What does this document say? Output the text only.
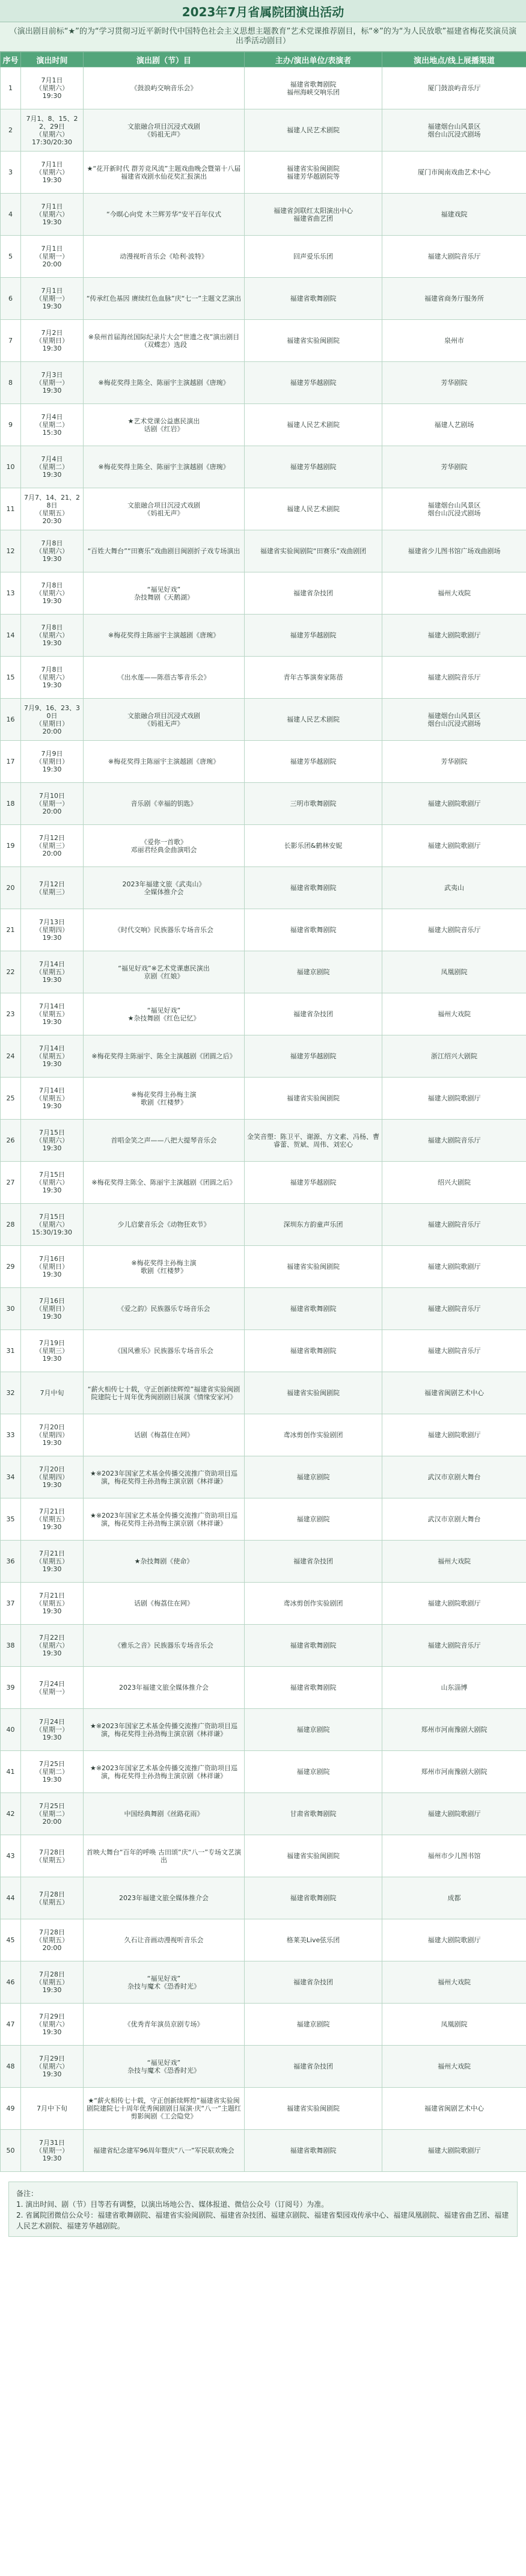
2023年7月省属院团演出活动
（演出剧目前标“★”的为“学习贯彻习近平新时代中国特色社会主义思想主题教育”艺术党课推荐剧目，标“※”的为“为人民放歌”福建省梅花奖演员演出季活动剧目）
序号	演出时间	演出剧（节）目	主办/演出单位/表演者	演出地点/线上展播渠道
1	7月1日
（星期六）
19:30	《鼓浪屿交响音乐会》	福建省歌舞剧院
福州海峡交响乐团	厦门鼓浪屿音乐厅
2	7月1、8、15、22、29日
（星期六）
17:30/20:30	文旅融合项目沉浸式戏剧
《妈祖无声》	福建人民艺术剧院	福建烟台山风景区
烟台山沉浸式剧场
3	7月1日
（星期六）
19:30	★“花开新时代 群芳竞风流”主题戏曲晚会暨第十八届福建省戏剧水仙花奖汇报演出	福建省实验闽剧院
福建芳华越剧院等	厦门市闽南戏曲艺术中心
4	7月1日
（星期六）
19:30	“今暝心向党 木兰辉芳华”安平百年仪式	福建省剑联红太阳演出中心
福建省曲艺团	福建戏院
5	7月1日
（星期一）
20:00	动漫视听音乐会《哈利·波特》	回声爱乐乐团	福建大剧院音乐厅
6	7月1日
（星期一）
19:30	“传承红色基因 赓续红色血脉”庆“七一”主题文艺演出	福建省歌舞剧院	福建省商务厅服务所
7	7月2日
（星期日）
19:30	※泉州首届海丝国际纪录片大会“世遗之夜”演出剧目（双蝶恋）选段	福建省实验闽剧院	泉州市
8	7月3日
（星期一）
19:30	※梅花奖得主陈全、陈丽宇主演越剧《唐琬》	福建芳华越剧院	芳华剧院
9	7月4日
（星期二）
15:30	★艺术党课公益惠民演出
话剧《红岩》	福建人民艺术剧院	福建人艺剧场
10	7月4日
（星期二）
19:30	※梅花奖得主陈全、陈丽宇主演越剧《唐琬》	福建芳华越剧院	芳华剧院
11	7月7、14、21、28日
（星期五）
20:30	文旅融合项目沉浸式戏剧
《妈祖无声》	福建人民艺术剧院	福建烟台山风景区
烟台山沉浸式剧场
12	7月8日
（星期六）
19:30	“百姓大舞台”“田赛乐”戏曲剧目闽剧折子戏专场演出	福建省实验闽剧院“田赛乐”戏曲剧团	福建省少儿图书馆广场戏曲剧场
13	7月8日
（星期六）
19:30	“福见好戏”
杂技舞剧《天鹅湖》	福建省杂技团	福州大戏院
14	7月8日
（星期六）
19:30	※梅花奖得主陈丽宇主演越剧《唐琬》	福建芳华越剧院	福建大剧院歌剧厅
15	7月8日
（星期六）
19:30	《出水莲——陈蓓古筝音乐会》	青年古筝演奏家陈蓓	福建大剧院音乐厅
16	7月9、16、23、30日
（星期日）
20:00	文旅融合项目沉浸式戏剧
《妈祖无声》	福建人民艺术剧院	福建烟台山风景区
烟台山沉浸式剧场
17	7月9日
（星期日）
19:30	※梅花奖得主陈丽宇主演越剧《唐琬》	福建芳华越剧院	芳华剧院
18	7月10日
（星期一）
20:00	音乐剧《幸福的钥匙》	三明市歌舞剧院	福建大剧院歌剧厅
19	7月12日
（星期三）
20:00	《爱你一首歌》
邓丽君经典金曲演唱会	长影乐团&鹤林安妮	福建大剧院歌剧厅
20	7月12日
（星期三）	2023年福建文旅《武夷山》
全媒体推介会	福建省歌舞剧院	武夷山
21	7月13日
（星期四）
19:30	《时代交响》民族器乐专场音乐会	福建省歌舞剧院	福建大剧院音乐厅
22	7月14日
（星期五）
19:30	“福见好戏”※艺术党课惠民演出
京剧《红娘》	福建京剧院	凤凰剧院
23	7月14日
（星期五）
19:30	“福见好戏”
★杂技舞剧《红色记忆》	福建省杂技团	福州大戏院
24	7月14日
（星期五）
19:30	※梅花奖得主陈丽宇、陈全主演越剧《团圆之后》	福建芳华越剧院	浙江绍兴大剧院
25	7月14日
（星期五）
19:30	※梅花奖得主孙梅主演
歌剧《红楼梦》	福建省实验闽剧院	福建大剧院歌剧厅
26	7月15日
（星期六）
19:30	首唱金笑之声——八把大提琴音乐会	金笑音塑：陈卫平、谢源、方文素、冯杨、曹睿蕾、贺斌、周伟、刘宏心	福建大剧院音乐厅
27	7月15日
（星期六）
19:30	※梅花奖得主陈全、陈丽宇主演越剧《团圆之后》	福建芳华越剧院	绍兴大剧院
28	7月15日
（星期六）
15:30/19:30	少儿启蒙音乐会《动物狂欢节》	深圳东方韵童声乐团	福建大剧院音乐厅
29	7月16日
（星期日）
19:30	※梅花奖得主孙梅主演
歌剧《红楼梦》	福建省实验闽剧院	福建大剧院歌剧厅
30	7月16日
（星期日）
19:30	《爱之韵》民族器乐专场音乐会	福建省歌舞剧院	福建大剧院音乐厅
31	7月19日
（星期三）
19:30	《国风雅乐》民族器乐专场音乐会	福建省歌舞剧院	福建大剧院音乐厅
32	7月中旬	“薪火相传七十载，守正创新续辉煌”福建省实验闽剧院建院七十周年优秀闽剧剧目展演《情缘安家河》	福建省实验闽剧院	福建省闽剧艺术中心
33	7月20日
（星期四）
19:30	话剧《梅荔住在网》	鸢冰剪创作实验剧团	福建大剧院歌剧厅
34	7月20日
（星期四）
19:30	★※2023年国家艺术基金传播交流推广资助项目巡演，梅花奖得主孙劲梅主演京剧《林祥谦》	福建京剧院	武汉市京剧大舞台
35	7月21日
（星期五）
19:30	★※2023年国家艺术基金传播交流推广资助项目巡演，梅花奖得主孙劲梅主演京剧《林祥谦》	福建京剧院	武汉市京剧大舞台
36	7月21日
（星期五）
19:30	★杂技舞剧《使命》	福建省杂技团	福州大戏院
37	7月21日
（星期五）
19:30	话剧《梅荔住在网》	鸢冰剪创作实验剧团	福建大剧院歌剧厅
38	7月22日
（星期六）
19:30	《雅乐之音》民族器乐专场音乐会	福建省歌舞剧院	福建大剧院音乐厅
39	7月24日
（星期一）	2023年福建文旅全媒体推介会	福建省歌舞剧院	山东淄博
40	7月24日
（星期一）
19:30	★※2023年国家艺术基金传播交流推广资助项目巡演，梅花奖得主孙劲梅主演京剧《林祥谦》	福建京剧院	郑州市河南豫剧大剧院
41	7月25日
（星期二）
19:30	★※2023年国家艺术基金传播交流推广资助项目巡演，梅花奖得主孙劲梅主演京剧《林祥谦》	福建京剧院	郑州市河南豫剧大剧院
42	7月25日
（星期二）
20:00	中国经典舞剧《丝路花雨》	甘肃省歌舞剧院	福建大剧院歌剧厅
43	7月28日
（星期五）	首映大舞台“百年的呼唤 古田颂”庆“八一”专场文艺演出	福建省实验闽剧院	福州市少儿图书馆
44	7月28日
（星期五）	2023年福建文旅全媒体推介会	福建省歌舞剧院	成都
45	7月28日
（星期五）
20:00	久石让音画动漫视听音乐会	格莱美Live弦乐团	福建大剧院歌剧厅
46	7月28日
（星期五）
19:30	“福见好戏”
杂技与魔术《恐香时光》	福建省杂技团	福州大戏院
47	7月29日
（星期六）
19:30	《优秀青年演员京剧专场》	福建京剧院	凤凰剧院
48	7月29日
（星期六）
19:30	“福见好戏”
杂技与魔术《恐香时光》	福建省杂技团	福州大戏院
49	7月中下旬	★“薪火相传七十载，守正创新续辉煌”福建省实验闽剧院建院七十周年优秀闽剧剧目展演·庆“八一”主题红剪影闽剧《工会隐党》	福建省实验闽剧院	福建省闽剧艺术中心
50	7月31日
（星期一）
19:30	福建省纪念建军96周年暨庆“八一”军民联欢晚会	福建省歌舞剧院	福建大剧院歌剧厅
备注：
1. 演出时间、剧（节）目等若有调整，以演出场地公告、媒体报道、微信公众号（订阅号）为准。
2. 省属院团微信公众号：福建省歌舞剧院、福建省实验闽剧院、福建省杂技团、福建京剧院、福建省梨园戏传承中心、福建凤凰剧院、福建省曲艺团、福建人民艺术剧院、福建芳华越剧院。
